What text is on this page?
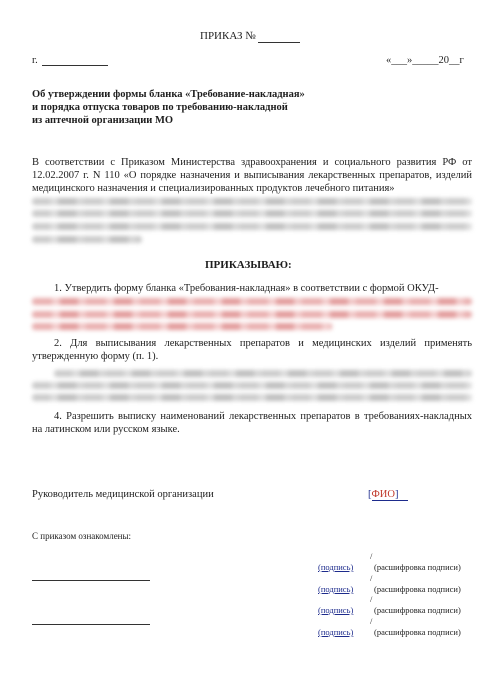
ПРИКАЗ №
г.	«___»_____20__г
Об утверждении формы бланка «Требование-накладная»
и порядка отпуска товаров по требованию-накладной
из аптечной организации МО
В соответствии с Приказом Министерства здравоохранения и социального развития РФ от 12.02.2007 г. N 110 «О порядке назначения и выписывания лекарственных препаратов, изделий медицинского назначения и специализированных продуктов лечебного питания»
ПРИКАЗЫВАЮ:
1. Утвердить форму бланка «Требования-накладная» в соответствии с формой ОКУД-
2. Для выписывания лекарственных препаратов и медицинских изделий применять утвержденную форму (п. 1).
4. Разрешить выписку наименований лекарственных препаратов в требованиях-накладных на латинском или русском языке.
Руководитель медицинской организации	[ФИО]
С приказом ознакомлены:
/
(подпись) (расшифровка подписи)
/
(подпись) (расшифровка подписи)
/
(подпись) (расшифровка подписи)
/
(подпись) (расшифровка подписи)
